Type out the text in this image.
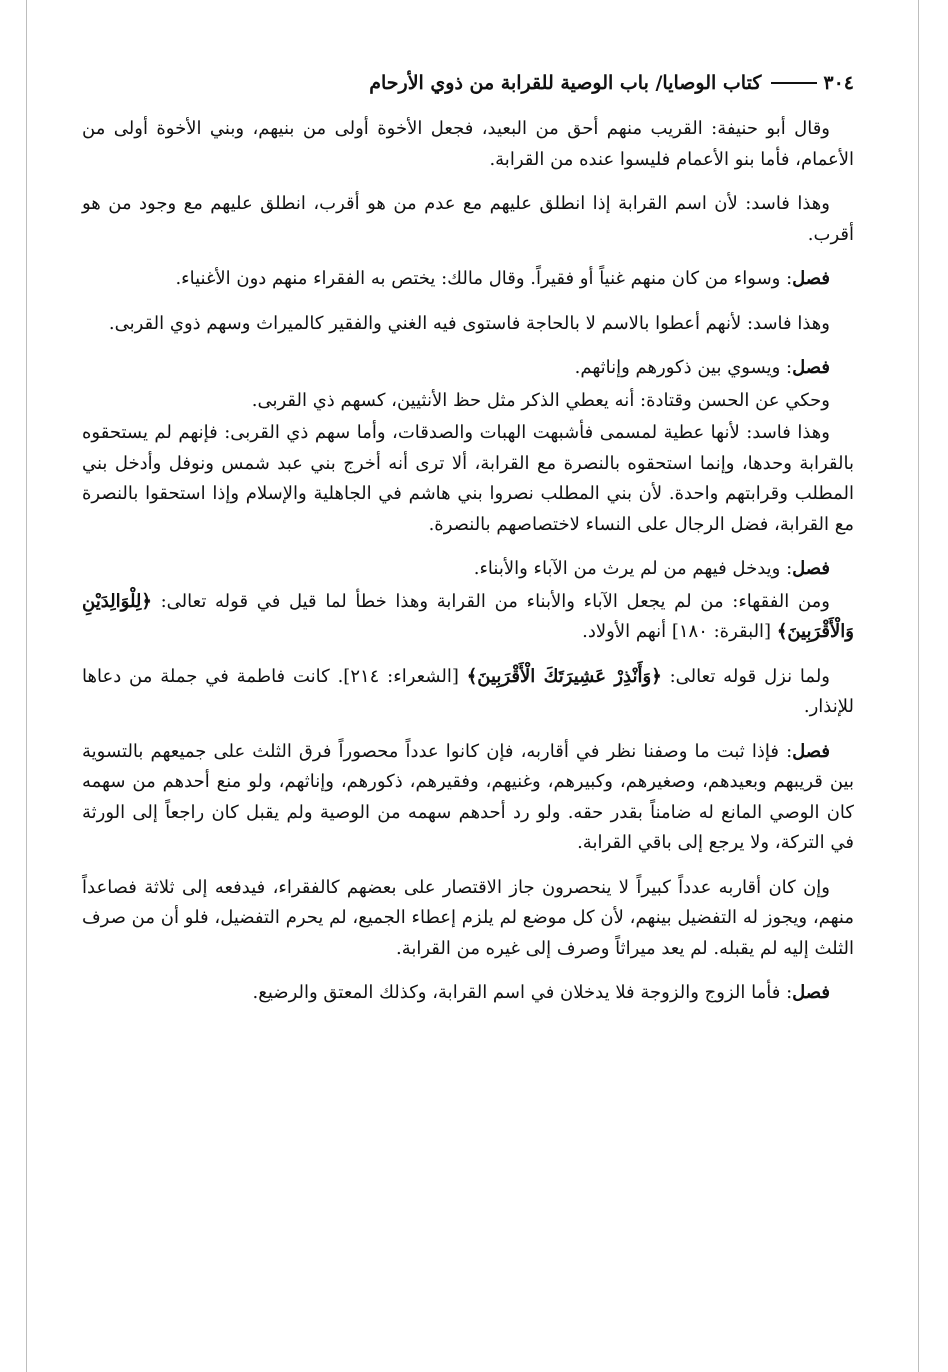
٣٠٤
كتاب الوصايا/ باب الوصية للقرابة من ذوي الأرحام

وقال أبو حنيفة: القريب منهم أحق من البعيد، فجعل الأخوة أولى من بنيهم، وبني الأخوة أولى من الأعمام، فأما بنو الأعمام فليسوا عنده من القرابة.

وهذا فاسد: لأن اسم القرابة إذا انطلق عليهم مع عدم من هو أقرب، انطلق عليهم مع وجود من هو أقرب.

فصل: وسواء من كان منهم غنياً أو فقيراً. وقال مالك: يختص به الفقراء منهم دون الأغنياء.

وهذا فاسد: لأنهم أعطوا بالاسم لا بالحاجة فاستوى فيه الغني والفقير كالميراث وسهم ذوي القربى.

فصل: ويسوي بين ذكورهم وإناثهم.

وحكي عن الحسن وقتادة: أنه يعطي الذكر مثل حظ الأنثيين، كسهم ذي القربى.

وهذا فاسد: لأنها عطية لمسمى فأشبهت الهبات والصدقات، وأما سهم ذي القربى: فإنهم لم يستحقوه بالقرابة وحدها، وإنما استحقوه بالنصرة مع القرابة، ألا ترى أنه أخرج بني عبد شمس ونوفل وأدخل بني المطلب وقرابتهم واحدة. لأن بني المطلب نصروا بني هاشم في الجاهلية والإسلام وإذا استحقوا بالنصرة مع القرابة، فضل الرجال على النساء لاختصاصهم بالنصرة.

فصل: ويدخل فيهم من لم يرث من الآباء والأبناء.

ومن الفقهاء: من لم يجعل الآباء والأبناء من القرابة وهذا خطأ لما قيل في قوله تعالى: ﴿لِلْوَالِدَيْنِ وَالْأَقْرَبِينَ﴾ [البقرة: ١٨٠] أنهم الأولاد.

ولما نزل قوله تعالى: ﴿وَأَنْذِرْ عَشِيرَتَكَ الْأَقْرَبِينَ﴾ [الشعراء: ٢١٤]. كانت فاطمة في جملة من دعاها للإنذار.

فصل: فإذا ثبت ما وصفنا نظر في أقاربه، فإن كانوا عدداً محصوراً فرق الثلث على جميعهم بالتسوية بين قريبهم وبعيدهم، وصغيرهم، وكبيرهم، وغنيهم، وفقيرهم، ذكورهم، وإناثهم، ولو منع أحدهم من سهمه كان الوصي المانع له ضامناً بقدر حقه. ولو رد أحدهم سهمه من الوصية ولم يقبل كان راجعاً إلى الورثة في التركة، ولا يرجع إلى باقي القرابة.

وإن كان أقاربه عدداً كبيراً لا ينحصرون جاز الاقتصار على بعضهم كالفقراء، فيدفعه إلى ثلاثة فصاعداً منهم، ويجوز له التفضيل بينهم، لأن كل موضع لم يلزم إعطاء الجميع، لم يحرم التفضيل، فلو أن من صرف الثلث إليه لم يقبله. لم يعد ميراثاً وصرف إلى غيره من القرابة.

فصل: فأما الزوج والزوجة فلا يدخلان في اسم القرابة، وكذلك المعتق والرضيع.
